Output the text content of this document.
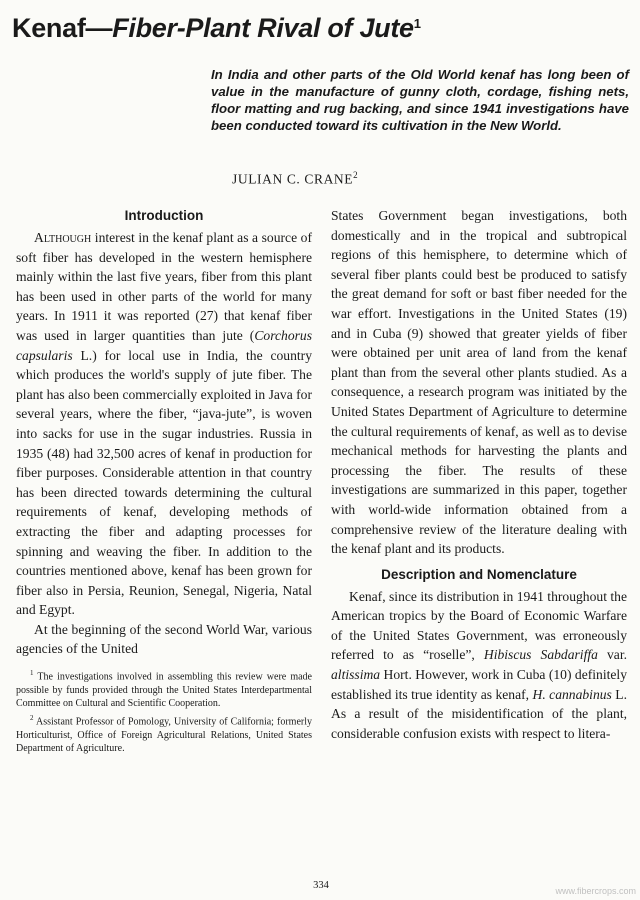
Kenaf—Fiber-Plant Rival of Jute$^1$
In India and other parts of the Old World kenaf has long been of value in the manufacture of gunny cloth, cordage, fishing nets, floor matting and rug backing, and since 1941 investigations have been conducted toward its cultivation in the New World.
JULIAN C. CRANE$^2$
Introduction

Although interest in the kenaf plant as a source of soft fiber has developed in the western hemisphere mainly within the last five years, fiber from this plant has been used in other parts of the world for many years. In 1911 it was reported (27) that kenaf fiber was used in larger quantities than jute (Corchorus capsularis L.) for local use in India, the country which produces the world's supply of jute fiber. The plant has also been commercially exploited in Java for several years, where the fiber, “java-jute”, is woven into sacks for use in the sugar industries. Russia in 1935 (48) had 32,500 acres of kenaf in production for fiber purposes. Considerable attention in that country has been directed towards determining the cultural requirements of kenaf, developing methods of extracting the fiber and adapting processes for spinning and weaving the fiber. In addition to the countries mentioned above, kenaf has been grown for fiber also in Persia, Reunion, Senegal, Nigeria, Natal and Egypt.

At the beginning of the second World War, various agencies of the United

$^1$ The investigations involved in assembling this review were made possible by funds provided through the United States Interdepartmental Committee on Cultural and Scientific Cooperation.

$^2$ Assistant Professor of Pomology, University of California; formerly Horticulturist, Office of Foreign Agricultural Relations, United States Department of Agriculture.

States Government began investigations, both domestically and in the tropical and subtropical regions of this hemisphere, to determine which of several fiber plants could best be produced to satisfy the great demand for soft or bast fiber needed for the war effort. Investigations in the United States (19) and in Cuba (9) showed that greater yields of fiber were obtained per unit area of land from the kenaf plant than from the several other plants studied. As a consequence, a research program was initiated by the United States Department of Agriculture to determine the cultural requirements of kenaf, as well as to devise mechanical methods for harvesting the plants and processing the fiber. The results of these investigations are summarized in this paper, together with world-wide information obtained from a comprehensive review of the literature dealing with the kenaf plant and its products.

Description and Nomenclature

Kenaf, since its distribution in 1941 throughout the American tropics by the Board of Economic Warfare of the United States Government, was erroneously referred to as “roselle”, Hibiscus Sabdariffa var. altissima Hort. However, work in Cuba (10) definitely established its true identity as kenaf, H. cannabinus L. As a result of the misidentification of the plant, considerable confusion exists with respect to litera-

334	www.fibercrops.com
